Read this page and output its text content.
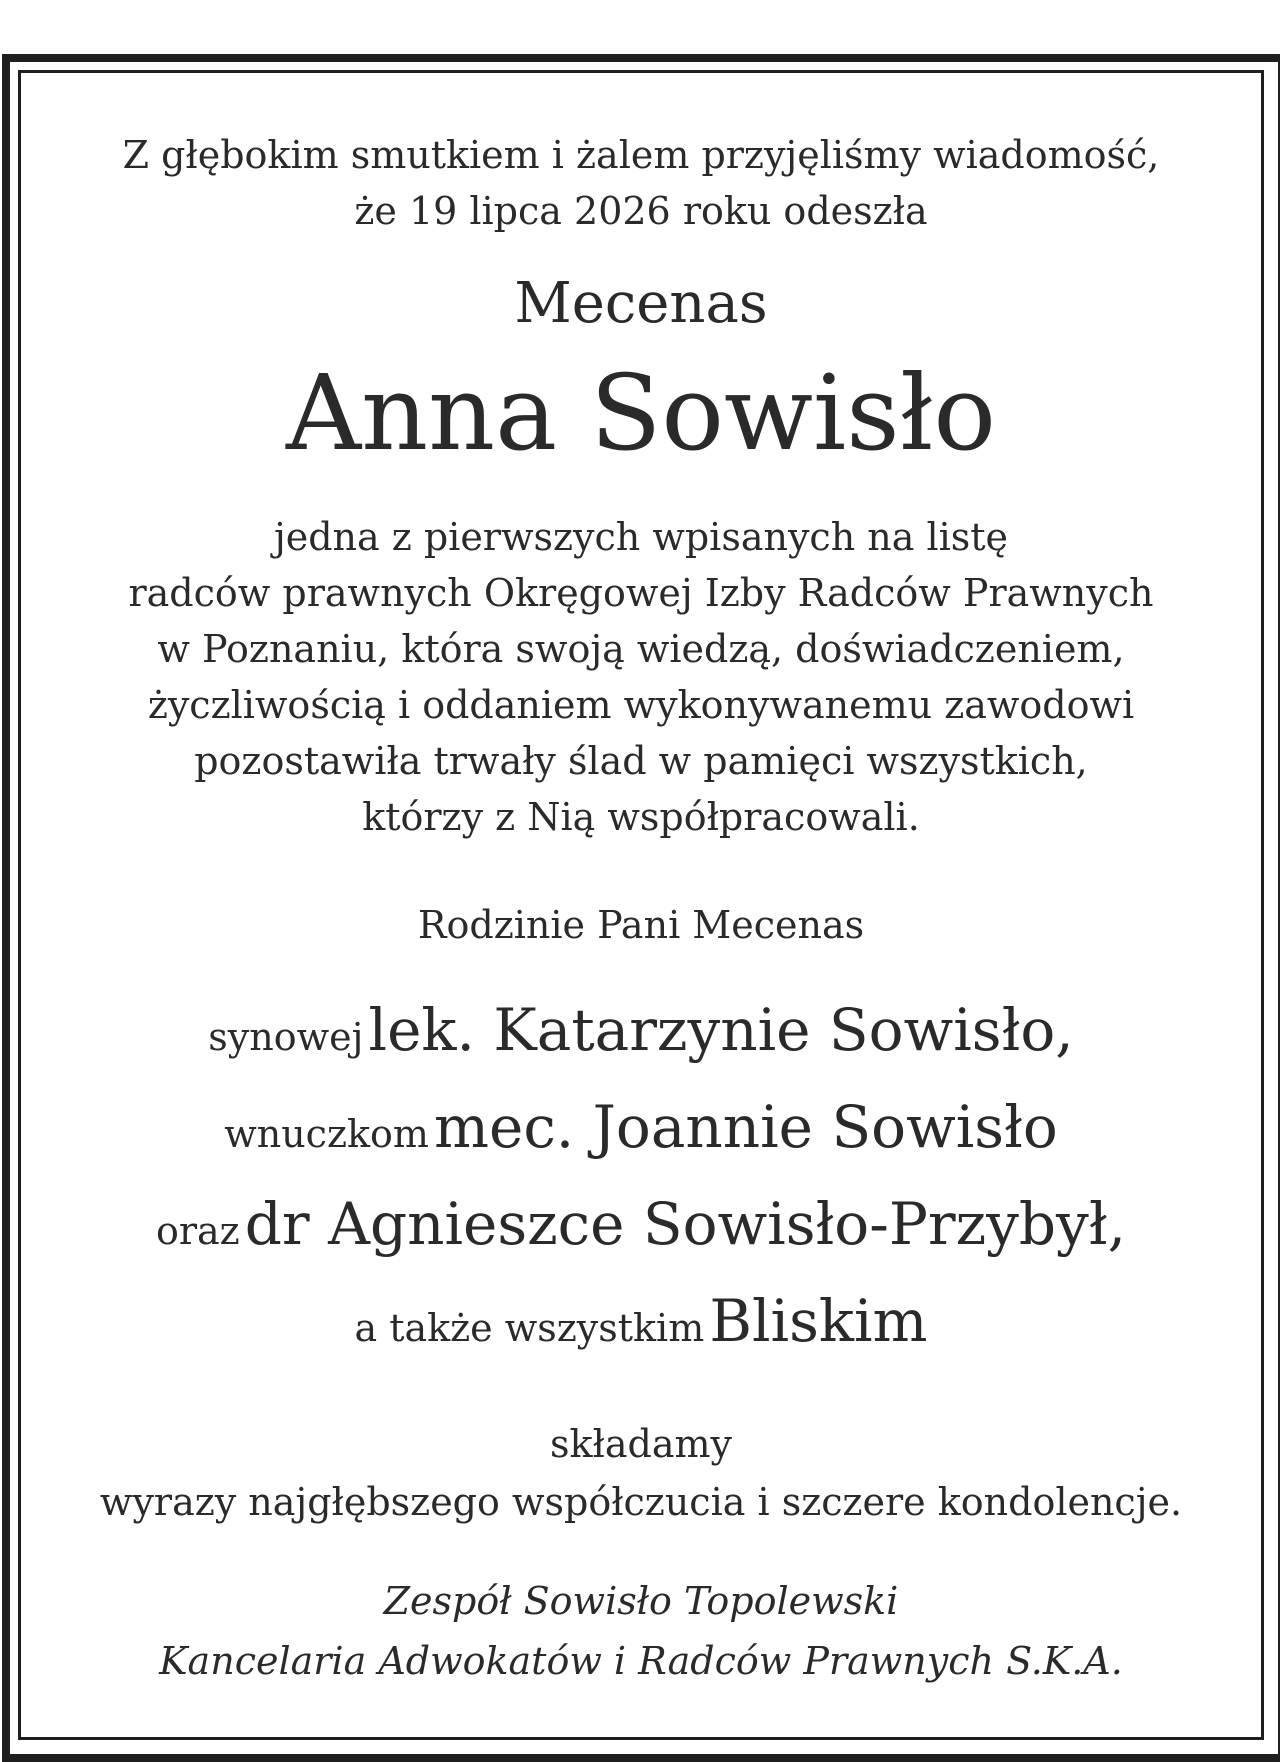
Z głębokim smutkiem i żalem przyjęliśmy wiadomość,
że 19 lipca 2026 roku odeszła
Mecenas
Anna Sowisło
jedna z pierwszych wpisanych na listę
radców prawnych Okręgowej Izby Radców Prawnych
w Poznaniu, która swoją wiedzą, doświadczeniem,
życzliwością i oddaniem wykonywanemu zawodowi
pozostawiła trwały ślad w pamięci wszystkich,
którzy z Nią współpracowali.
Rodzinie Pani Mecenas
synowej lek. Katarzynie Sowisło,
wnuczkom mec. Joannie Sowisło
oraz dr Agnieszce Sowisło-Przybył,
a także wszystkim Bliskim
składamy
wyrazy najgłębszego współczucia i szczere kondolencje.
Zespół Sowisło Topolewski
Kancelaria Adwokatów i Radców Prawnych S.K.A.
